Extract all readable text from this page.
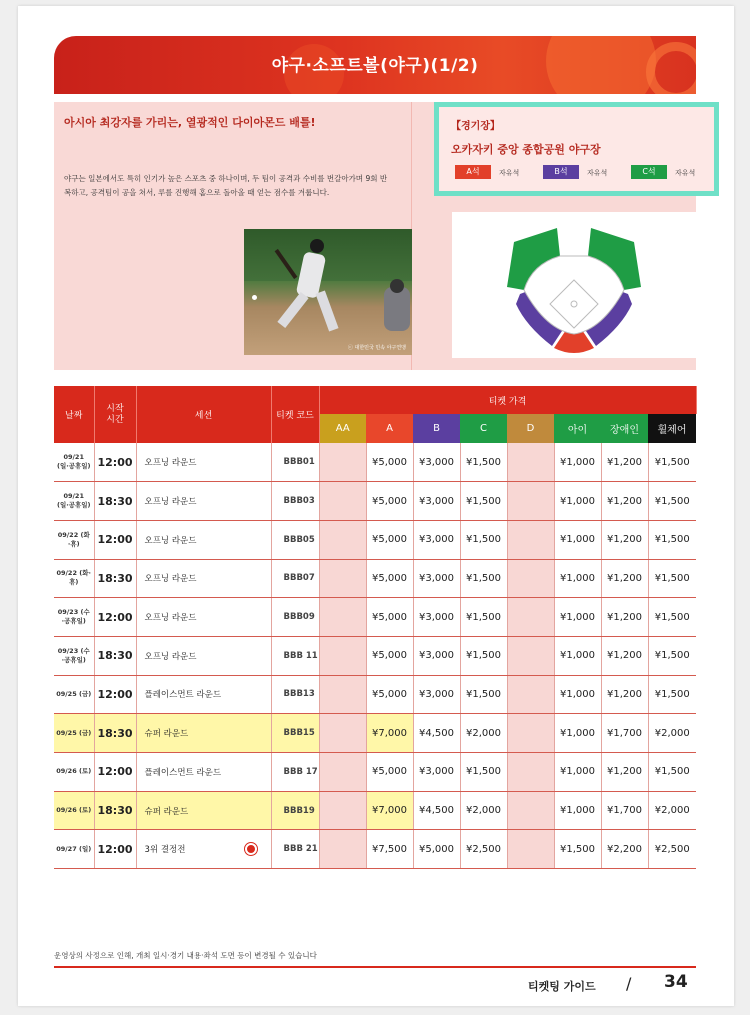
야구·소프트볼(야구)(1/2)
아시아 최강자를 가리는, 열광적인 다이아몬드 배틀!
야구는 일본에서도 특히 인기가 높은 스포츠 중 하나이며, 두 팀이 공격과 수비를 번갈아가며 9회 반복하고, 공격팀이 공을 쳐서, 루를 진행해 홈으로 돌아올 때 얻는 점수를 겨룹니다.
ⓒ 대한민국 민속 야구연맹
【경기장】
오카자키 중앙 종합공원 야구장
A석	자유석	B석	자유석	C석	자유석
날짜	시작
시간	세션	티켓 코드	티켓 가격							
				AA	A	B	C	D	아이	장애인	휠체어
09/21
(일·공휴일)	12:00	오프닝 라운드	BBB01		¥5,000	¥3,000	¥1,500		¥1,000	¥1,200	¥1,500
09/21
(일·공휴일)	18:30	오프닝 라운드	BBB03		¥5,000	¥3,000	¥1,500		¥1,000	¥1,200	¥1,500
09/22 (화
·휴)	12:00	오프닝 라운드	BBB05		¥5,000	¥3,000	¥1,500		¥1,000	¥1,200	¥1,500
09/22 (화·
휴)	18:30	오프닝 라운드	BBB07		¥5,000	¥3,000	¥1,500		¥1,000	¥1,200	¥1,500
09/23 (수
·공휴일)	12:00	오프닝 라운드	BBB09		¥5,000	¥3,000	¥1,500		¥1,000	¥1,200	¥1,500
09/23 (수
·공휴일)	18:30	오프닝 라운드	BBB 11		¥5,000	¥3,000	¥1,500		¥1,000	¥1,200	¥1,500
09/25 (금)	12:00	플레이스먼트 라운드	BBB13		¥5,000	¥3,000	¥1,500		¥1,000	¥1,200	¥1,500
09/25 (금)	18:30	슈퍼 라운드	BBB15		¥7,000	¥4,500	¥2,000		¥1,000	¥1,700	¥2,000
09/26 (토)	12:00	플레이스먼트 라운드	BBB 17		¥5,000	¥3,000	¥1,500		¥1,000	¥1,200	¥1,500
09/26 (토)	18:30	슈퍼 라운드	BBB19		¥7,000	¥4,500	¥2,000		¥1,000	¥1,700	¥2,000
09/27 (일)	12:00	3위 결정전	BBB 21		¥7,500	¥5,000	¥2,500		¥1,500	¥2,200	¥2,500
운영상의 사정으로 인해, 개최 일시·경기 내용·좌석 도면 등이 변경될 수 있습니다
티켓팅 가이드 / 34
